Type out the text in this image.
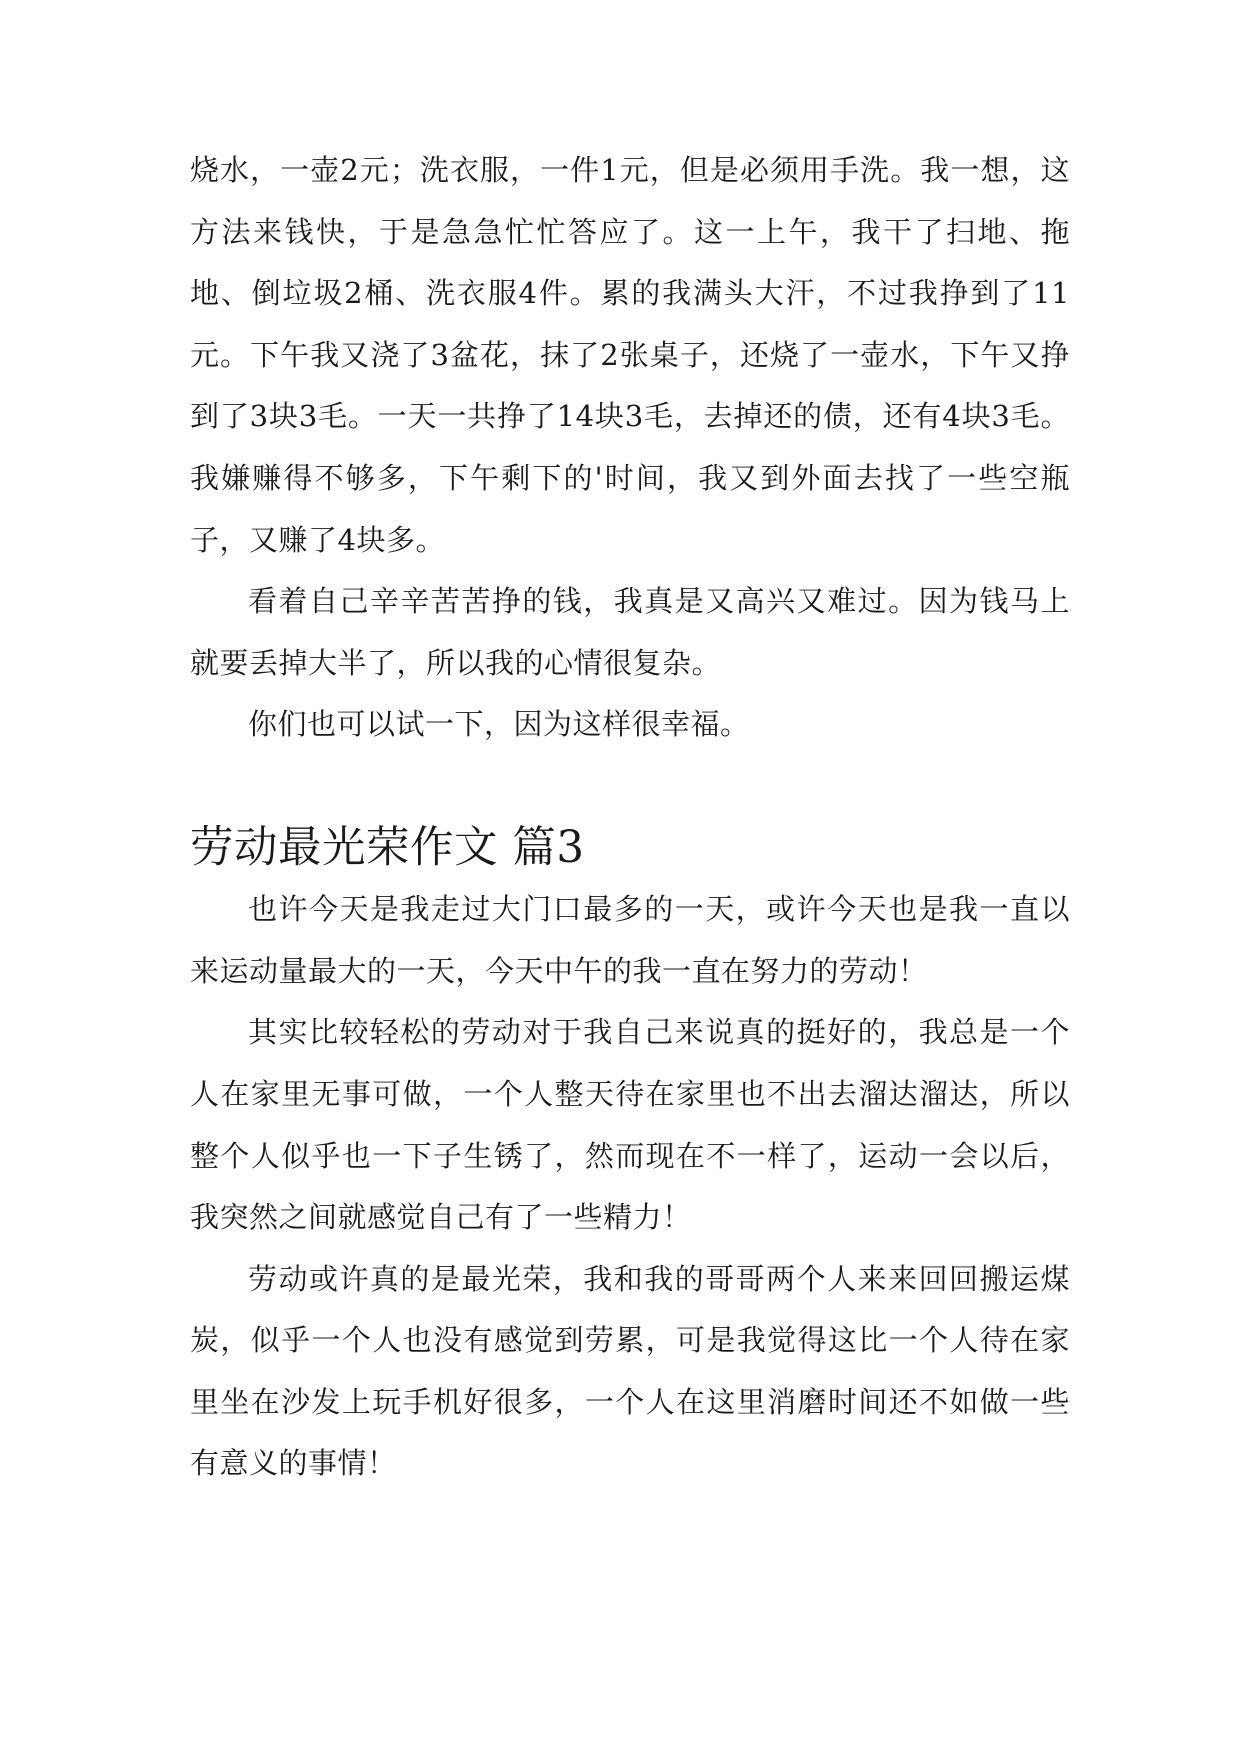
烧水，一壶2元；洗衣服，一件1元，但是必须用手洗。我一想，这方法来钱快，于是急急忙忙答应了。这一上午，我干了扫地、拖地、倒垃圾2桶、洗衣服4件。累的我满头大汗，不过我挣到了11元。下午我又浇了3盆花，抹了2张桌子，还烧了一壶水，下午又挣到了3块3毛。一天一共挣了14块3毛，去掉还的债，还有4块3毛。我嫌赚得不够多，下午剩下的'时间，我又到外面去找了一些空瓶子，又赚了4块多。

看着自己辛辛苦苦挣的钱，我真是又高兴又难过。因为钱马上就要丢掉大半了，所以我的心情很复杂。

你们也可以试一下，因为这样很幸福。

劳动最光荣作文 篇3

也许今天是我走过大门口最多的一天，或许今天也是我一直以来运动量最大的一天，今天中午的我一直在努力的劳动！

其实比较轻松的劳动对于我自己来说真的挺好的，我总是一个人在家里无事可做，一个人整天待在家里也不出去溜达溜达，所以整个人似乎也一下子生锈了，然而现在不一样了，运动一会以后，我突然之间就感觉自己有了一些精力！

劳动或许真的是最光荣，我和我的哥哥两个人来来回回搬运煤炭，似乎一个人也没有感觉到劳累，可是我觉得这比一个人待在家里坐在沙发上玩手机好很多，一个人在这里消磨时间还不如做一些有意义的事情！
